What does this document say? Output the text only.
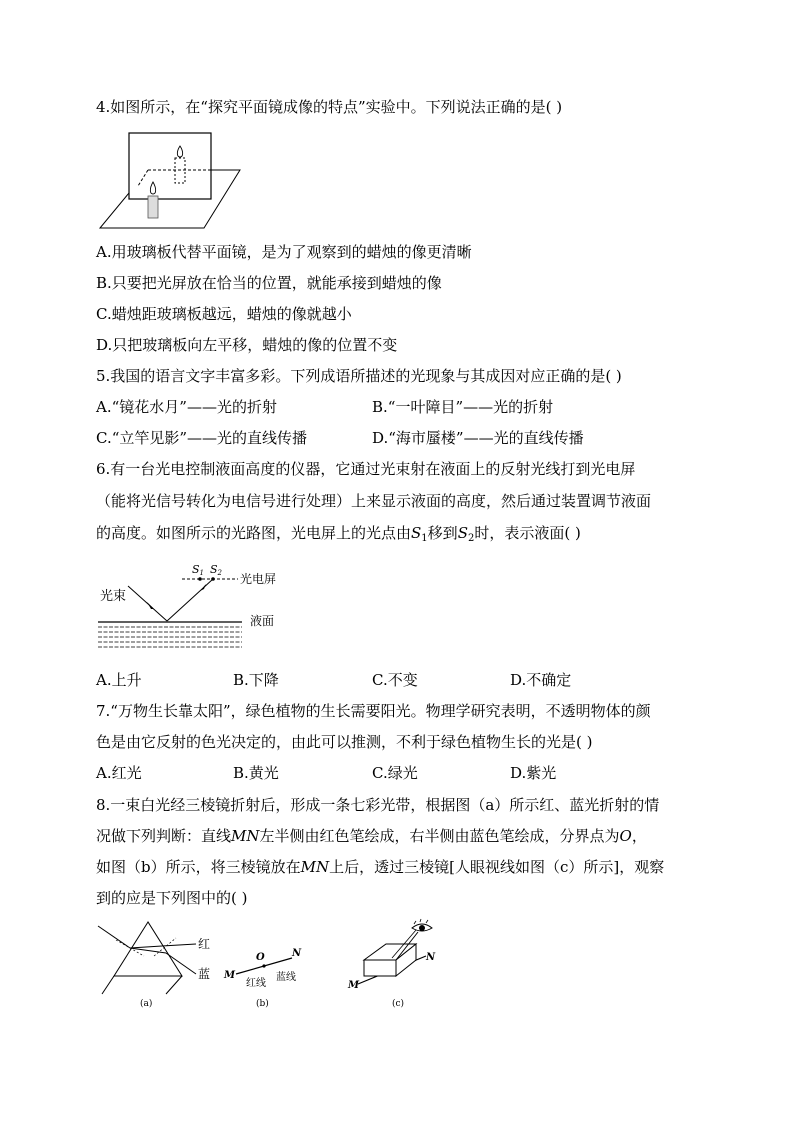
4.如图所示，在“探究平面镜成像的特点”实验中。下列说法正确的是( )
A.用玻璃板代替平面镜，是为了观察到的蜡烛的像更清晰
B.只要把光屏放在恰当的位置，就能承接到蜡烛的像
C.蜡烛距玻璃板越远，蜡烛的像就越小
D.只把玻璃板向左平移，蜡烛的像的位置不变
5.我国的语言文字丰富多彩。下列成语所描述的光现象与其成因对应正确的是( )
A.“镜花水月”——光的折射	B.“一叶障目”——光的折射
C.“立竿见影”——光的直线传播	D.“海市蜃楼”——光的直线传播
6.有一台光电控制液面高度的仪器，它通过光束射在液面上的反射光线打到光电屏
（能将光信号转化为电信号进行处理）上来显示液面的高度，然后通过装置调节液面
的高度。如图所示的光路图，光电屏上的光点由$S_1$移到$S_2$时，表示液面( )
光束
光电屏
液面
S1 S2
A.上升	B.下降	C.不变	D.不确定
7.“万物生长靠太阳”，绿色植物的生长需要阳光。物理学研究表明，不透明物体的颜
色是由它反射的色光决定的，由此可以推测，不利于绿色植物生长的光是( )
A.红光	B.黄光	C.绿光	D.紫光
8.一束白光经三棱镜折射后，形成一条七彩光带，根据图（a）所示红、蓝光折射的情
况做下列判断：直线MN左半侧由红色笔绘成，右半侧由蓝色笔绘成，分界点为O，
如图（b）所示，将三棱镜放在MN上后，透过三棱镜[人眼视线如图（c）所示]，观察
到的应是下列图中的( )
红
蓝
(a)
M
O	N
红线
蓝线
(b)
M
N
(c)
